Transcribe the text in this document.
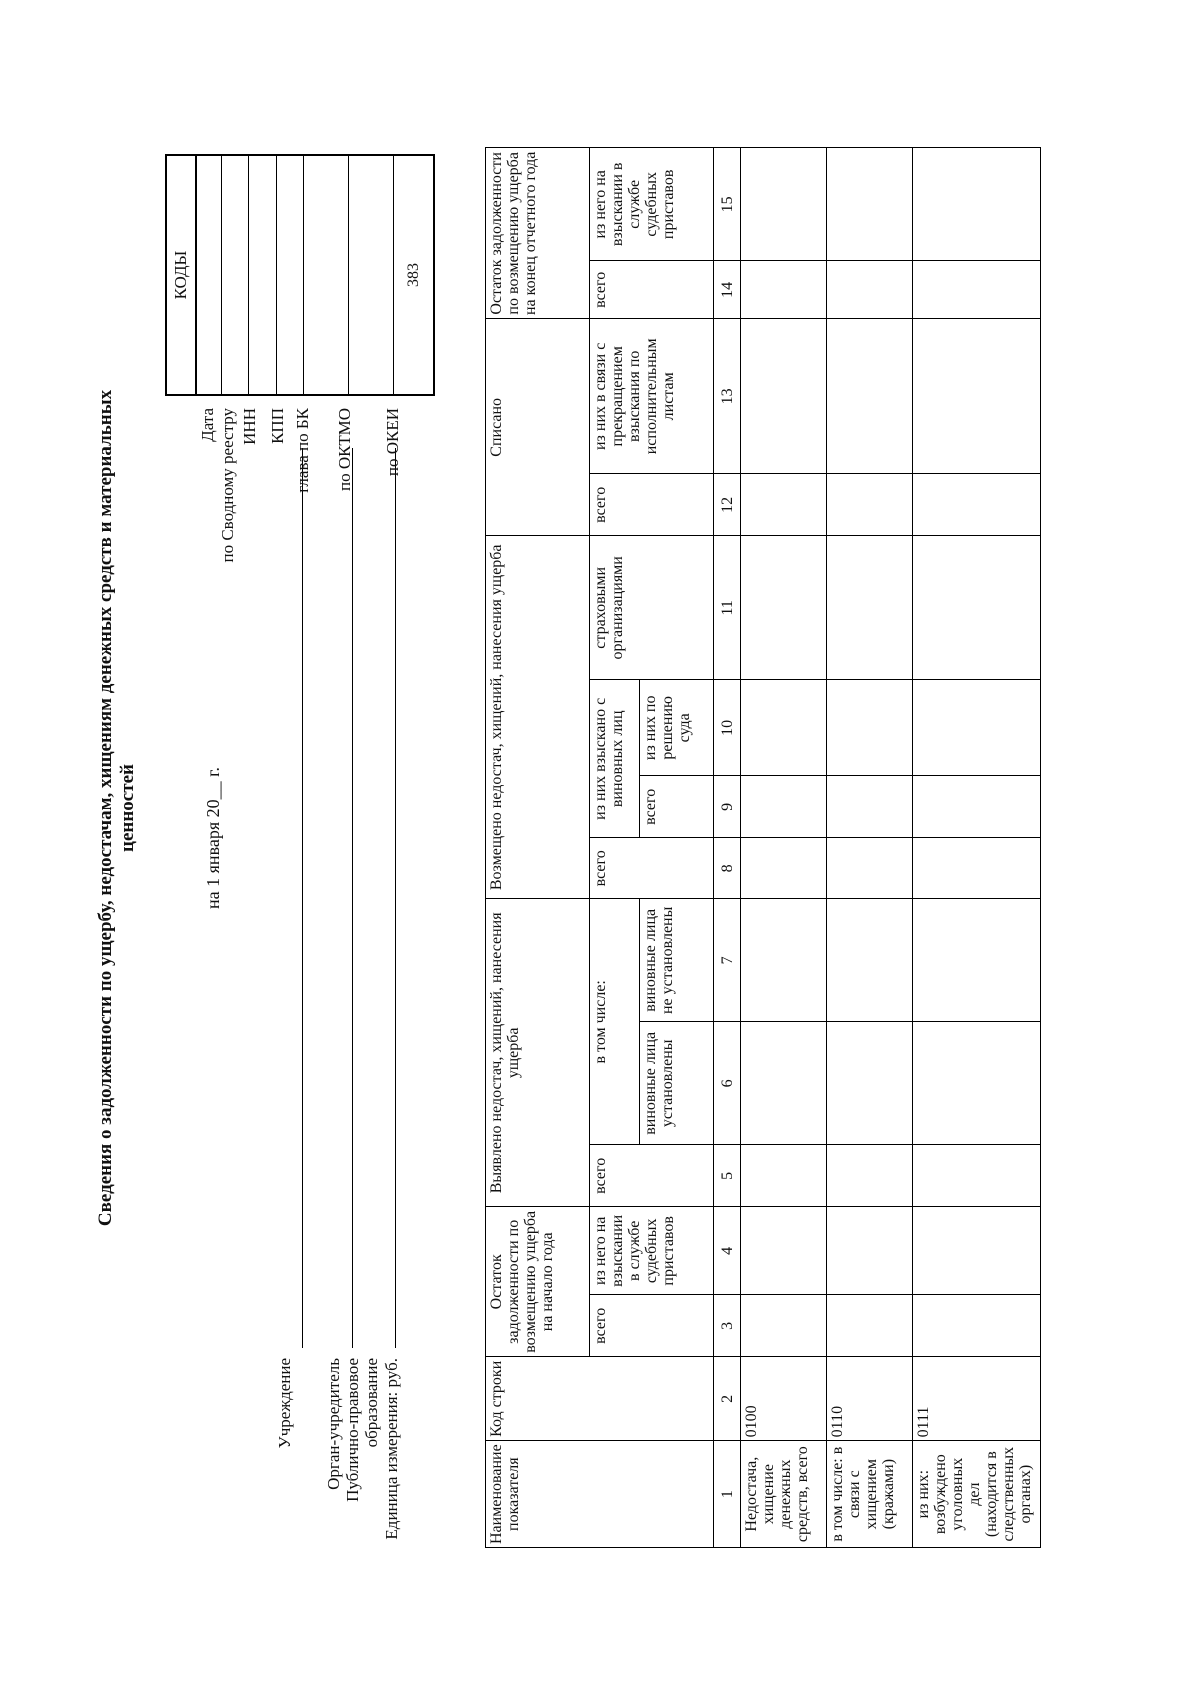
Сведения о задолженности по ущербу, недостачам, хищениям денежных средств и материальных ценностей	на 1 января 20__ г.
Учреждение Орган-учредитель Публично-правовое образование Единица измерения: руб.
Дата по Сводному реестру ИНН КПП глава по БК по ОКТМО по ОКЕИ
КОДЫ	383
Наименование показателя	Код строки	Остаток задолженности по возмещению ущерба на начало года		Выявлено недостач, хищений, нанесения ущерба			Возмещено недостач, хищений, нанесения ущерба				Списано		Остаток задолженности по возмещению ущерба на конец отчетного года	
		всего	из него на взыскании в службе судебных приставов	всего	в том числе:		всего	из них взыскано с виновных лиц		страховыми организациями	всего	из них в связи с прекращением взыскания по исполнительным листам	всего	из него на взыскании в службе судебных приставов
					виновные лица установлены	виновные лица не установлены		всего	из них по решению суда					
1	2	3	4	5	6	7	8	9	10	11	12	13	14	15
Недостача, хищение денежных средств, всего	0100													
в том числе: в связи с хищением (кражами)	0110													
из них: возбуждено уголовных дел (находится в следственных органах)	0111													
